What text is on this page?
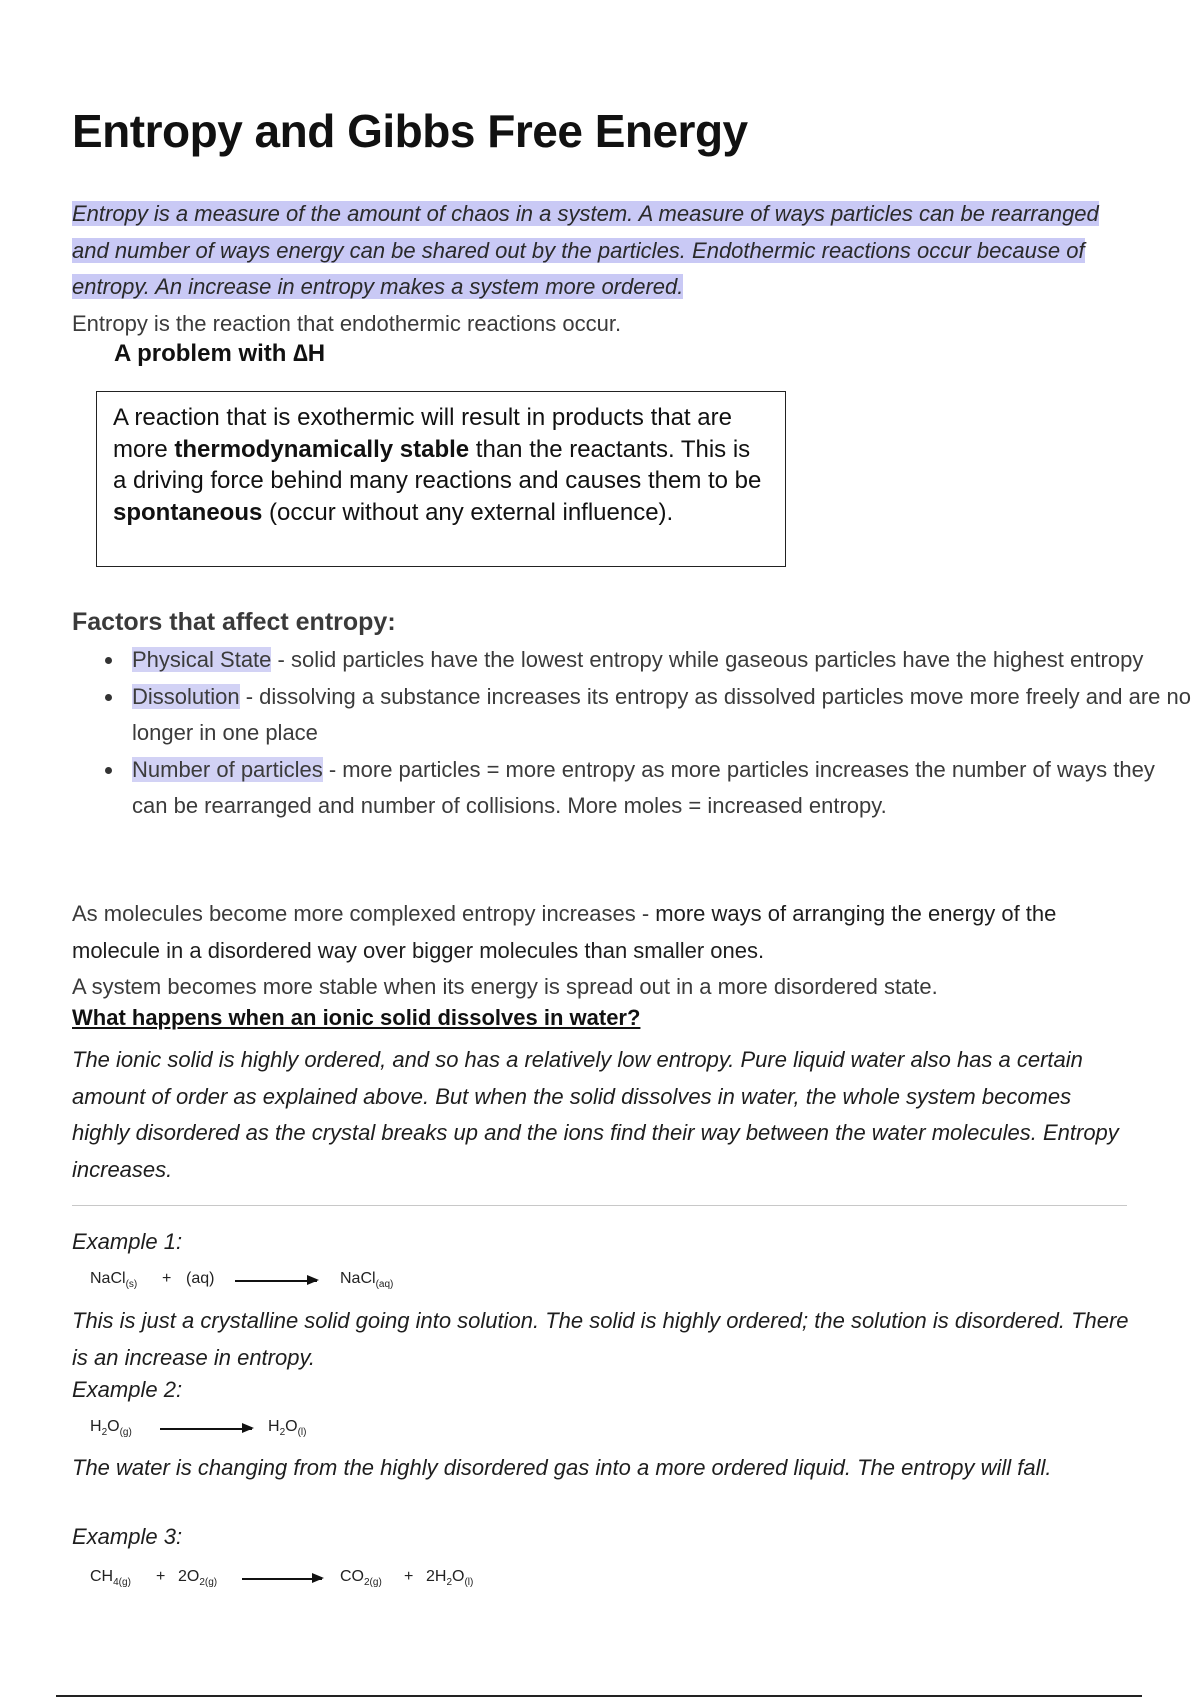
Entropy and Gibbs Free Energy
Entropy is a measure of the amount of chaos in a system. A measure of ways particles can be rearranged and number of ways energy can be shared out by the particles. Endothermic reactions occur because of entropy. An increase in entropy makes a system more ordered.
Entropy is the reaction that endothermic reactions occur.
A problem with ∆H
A reaction that is exothermic will result in products that are more thermodynamically stable than the reactants. This is a driving force behind many reactions and causes them to be spontaneous (occur without any external influence).
Factors that affect entropy:
Physical State - solid particles have the lowest entropy while gaseous particles have the highest entropy
Dissolution - dissolving a substance increases its entropy as dissolved particles move more freely and are no longer in one place
Number of particles - more particles = more entropy as more particles increases the number of ways they can be rearranged and number of collisions. More moles = increased entropy.
As molecules become more complexed entropy increases - more ways of arranging the energy of the molecule in a disordered way over bigger molecules than smaller ones.
A system becomes more stable when its energy is spread out in a more disordered state.
What happens when an ionic solid dissolves in water?
The ionic solid is highly ordered, and so has a relatively low entropy. Pure liquid water also has a certain amount of order as explained above. But when the solid dissolves in water, the whole system becomes highly disordered as the crystal breaks up and the ions find their way between the water molecules. Entropy increases.
Example 1:
NaCl$_{(s)}$ + (aq)	NaCl$_{(aq)}$
This is just a crystalline solid going into solution. The solid is highly ordered; the solution is disordered. There is an increase in entropy.
Example 2:
$H_2O_{(g)}$	$H_2O_{(l)}$
The water is changing from the highly disordered gas into a more ordered liquid. The entropy will fall.
Example 3:
$CH_{4(g)} + 2O_{2(g)}$	$CO_{2(g)} + 2H_2O_{(l)}$
